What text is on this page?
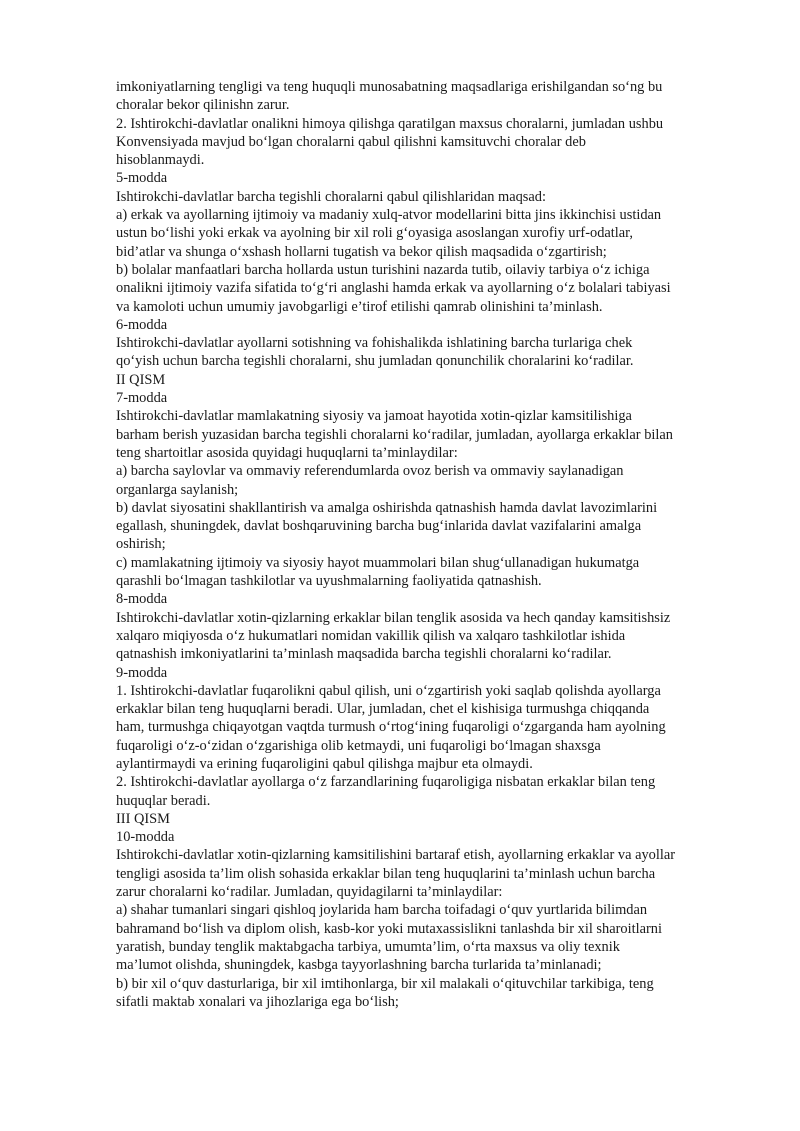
imkoniyatlarning tengligi va teng huquqli munosabatning maqsadlariga erishilgandan so‘ng bu
choralar bekor qilinishn zarur.
2. Ishtirokchi-davlatlar onalikni himoya qilishga qaratilgan maxsus choralarni, jumladan ushbu
Konvensiyada mavjud bo‘lgan choralarni qabul qilishni kamsituvchi choralar deb
hisoblanmaydi.
5-modda
Ishtirokchi-davlatlar barcha tegishli choralarni qabul qilishlaridan maqsad:
a) erkak va ayollarning ijtimoiy va madaniy xulq-atvor modellarini bitta jins ikkinchisi ustidan
ustun bo‘lishi yoki erkak va ayolning bir xil roli g‘oyasiga asoslangan xurofiy urf-odatlar,
bid’atlar va shunga o‘xshash hollarni tugatish va bekor qilish maqsadida o‘zgartirish;
b) bolalar manfaatlari barcha hollarda ustun turishini nazarda tutib, oilaviy tarbiya o‘z ichiga
onalikni ijtimoiy vazifa sifatida to‘g‘ri anglashi hamda erkak va ayollarning o‘z bolalari tabiyasi
va kamoloti uchun umumiy javobgarligi e’tirof etilishi qamrab olinishini ta’minlash.
6-modda
Ishtirokchi-davlatlar ayollarni sotishning va fohishalikda ishlatining barcha turlariga chek
qo‘yish uchun barcha tegishli choralarni, shu jumladan qonunchilik choralarini ko‘radilar.
II QISM
7-modda
Ishtirokchi-davlatlar mamlakatning siyosiy va jamoat hayotida xotin-qizlar kamsitilishiga
barham berish yuzasidan barcha tegishli choralarni ko‘radilar, jumladan, ayollarga erkaklar bilan
teng shartoitlar asosida quyidagi huquqlarni ta’minlaydilar:
a) barcha saylovlar va ommaviy referendumlarda ovoz berish va ommaviy saylanadigan
organlarga saylanish;
b) davlat siyosatini shakllantirish va amalga oshirishda qatnashish hamda davlat lavozimlarini
egallash, shuningdek, davlat boshqaruvining barcha bug‘inlarida davlat vazifalarini amalga
oshirish;
c) mamlakatning ijtimoiy va siyosiy hayot muammolari bilan shug‘ullanadigan hukumatga
qarashli bo‘lmagan tashkilotlar va uyushmalarning faoliyatida qatnashish.
8-modda
Ishtirokchi-davlatlar xotin-qizlarning erkaklar bilan tenglik asosida va hech qanday kamsitishsiz
xalqaro miqiyosda o‘z hukumatlari nomidan vakillik qilish va xalqaro tashkilotlar ishida
qatnashish imkoniyatlarini ta’minlash maqsadida barcha tegishli choralarni ko‘radilar.
9-modda
1. Ishtirokchi-davlatlar fuqarolikni qabul qilish, uni o‘zgartirish yoki saqlab qolishda ayollarga
erkaklar bilan teng huquqlarni beradi. Ular, jumladan, chet el kishisiga turmushga chiqqanda
ham, turmushga chiqayotgan vaqtda turmush o‘rtog‘ining fuqaroligi o‘zgarganda ham ayolning
fuqaroligi o‘z-o‘zidan o‘zgarishiga olib ketmaydi, uni fuqaroligi bo‘lmagan shaxsga
aylantirmaydi va erining fuqaroligini qabul qilishga majbur eta olmaydi.
2. Ishtirokchi-davlatlar ayollarga o‘z farzandlarining fuqaroligiga nisbatan erkaklar bilan teng
huquqlar beradi.
III QISM
10-modda
Ishtirokchi-davlatlar xotin-qizlarning kamsitilishini bartaraf etish, ayollarning erkaklar va ayollar
tengligi asosida ta’lim olish sohasida erkaklar bilan teng huquqlarini ta’minlash uchun barcha
zarur choralarni ko‘radilar. Jumladan, quyidagilarni ta’minlaydilar:
a) shahar tumanlari singari qishloq joylarida ham barcha toifadagi o‘quv yurtlarida bilimdan
bahramand bo‘lish va diplom olish, kasb-kor yoki mutaxassislikni tanlashda bir xil sharoitlarni
yaratish, bunday tenglik maktabgacha tarbiya, umumta’lim, o‘rta maxsus va oliy texnik
ma’lumot olishda, shuningdek, kasbga tayyorlashning barcha turlarida ta’minlanadi;
b) bir xil o‘quv dasturlariga, bir xil imtihonlarga, bir xil malakali o‘qituvchilar tarkibiga, teng
sifatli maktab xonalari va jihozlariga ega bo‘lish;
